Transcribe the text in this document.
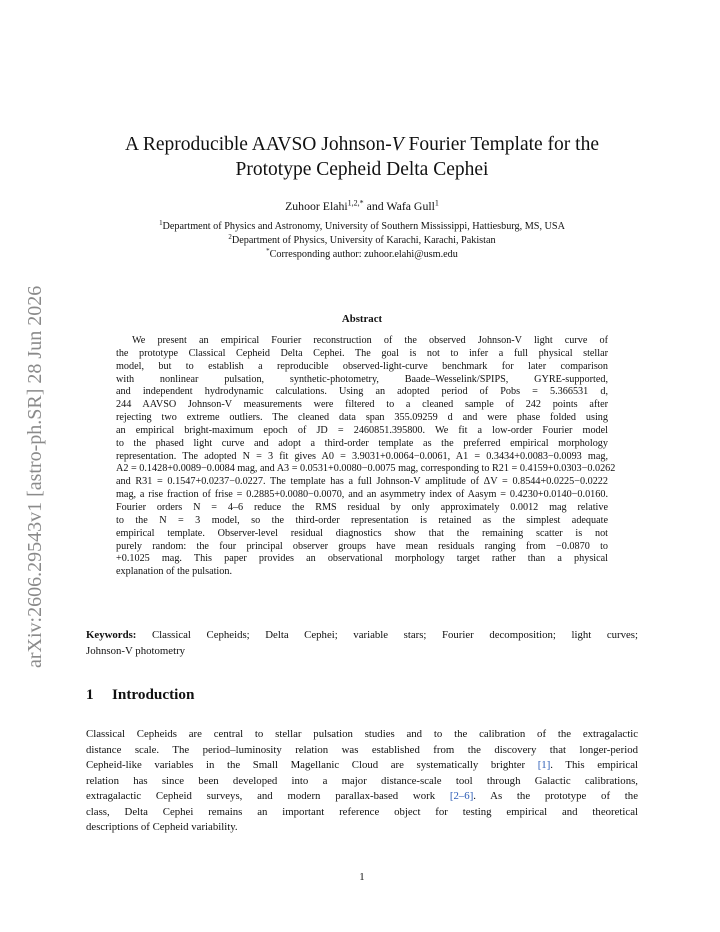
arXiv:2606.29543v1 [astro-ph.SR] 28 Jun 2026
A Reproducible AAVSO Johnson-V Fourier Template for the
Prototype Cepheid Delta Cephei
Zuhoor Elahi$^{1,2,*}$ and Wafa Gull$^1$
$^1$Department of Physics and Astronomy, University of Southern Mississippi, Hattiesburg, MS, USA
$^2$Department of Physics, University of Karachi, Karachi, Pakistan
*Corresponding author: zuhoor.elahi@usm.edu
Abstract
We present an empirical Fourier reconstruction of the observed Johnson-V light curve of
the prototype Classical Cepheid Delta Cephei. The goal is not to infer a full physical stellar
model, but to establish a reproducible observed-light-curve benchmark for later comparison
with nonlinear pulsation, synthetic-photometry, Baade–Wesselink/SPIPS, GYRE-supported,
and independent hydrodynamic calculations. Using an adopted period of Pobs = 5.366531 d,
244 AAVSO Johnson-V measurements were filtered to a cleaned sample of 242 points after
rejecting two extreme outliers. The cleaned data span 355.09259 d and were phase folded using
an empirical bright-maximum epoch of JD = 2460851.395800. We fit a low-order Fourier model
to the phased light curve and adopt a third-order template as the preferred empirical morphology
representation. The adopted N = 3 fit gives A0 = 3.9031+0.0064−0.0061, A1 = 0.3434+0.0083−0.0093 mag,
A2 = 0.1428+0.0089−0.0084 mag, and A3 = 0.0531+0.0080−0.0075 mag, corresponding to R21 = 0.4159+0.0303−0.0262
and R31 = 0.1547+0.0237−0.0227. The template has a full Johnson-V amplitude of ΔV = 0.8544+0.0225−0.0222
mag, a rise fraction of frise = 0.2885+0.0080−0.0070, and an asymmetry index of Aasym = 0.4230+0.0140−0.0160.
Fourier orders N = 4–6 reduce the RMS residual by only approximately 0.0012 mag relative
to the N = 3 model, so the third-order representation is retained as the simplest adequate
empirical template. Observer-level residual diagnostics show that the remaining scatter is not
purely random: the four principal observer groups have mean residuals ranging from −0.0870 to
+0.1025 mag. This paper provides an observational morphology target rather than a physical
explanation of the pulsation.
Keywords: Classical Cepheids; Delta Cephei; variable stars; Fourier decomposition; light curves;
Johnson-V photometry
1 Introduction
Classical Cepheids are central to stellar pulsation studies and to the calibration of the extragalactic
distance scale. The period–luminosity relation was established from the discovery that longer-period
Cepheid-like variables in the Small Magellanic Cloud are systematically brighter [1]. This empirical
relation has since been developed into a major distance-scale tool through Galactic calibrations,
extragalactic Cepheid surveys, and modern parallax-based work [2–6]. As the prototype of the
class, Delta Cephei remains an important reference object for testing empirical and theoretical
descriptions of Cepheid variability.
1
